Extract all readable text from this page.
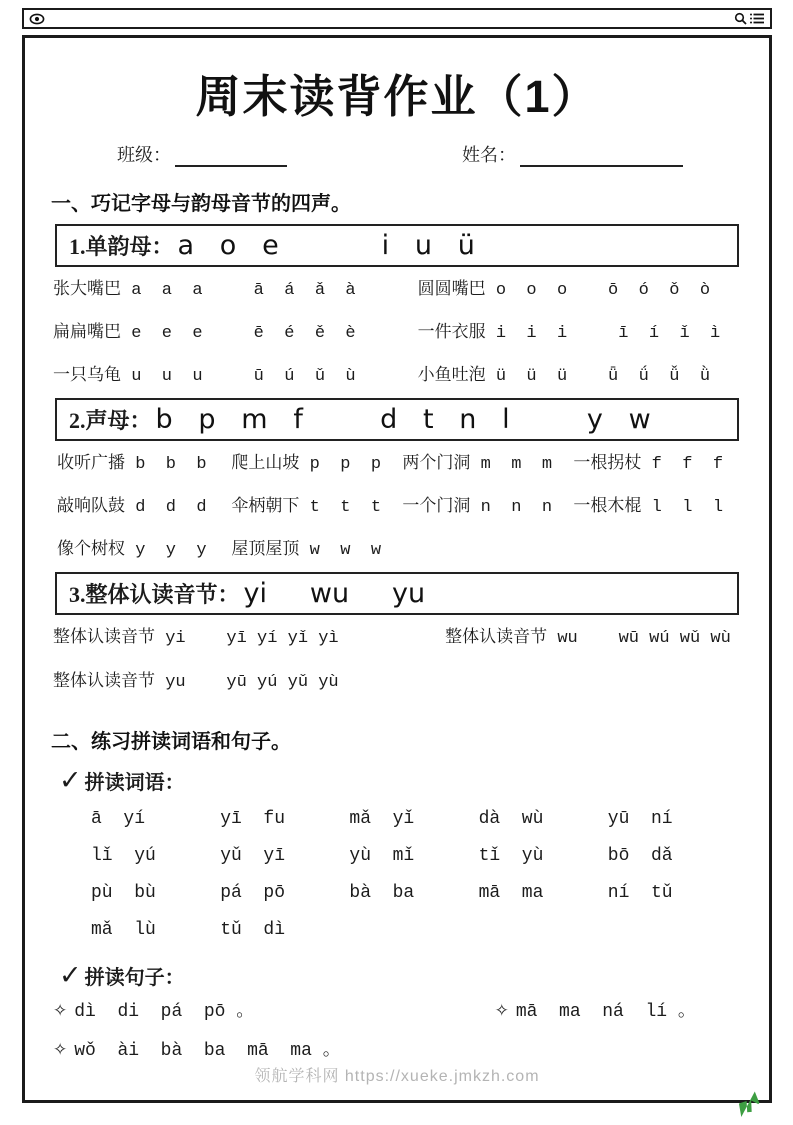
周末读背作业（1）
班级：	姓名：
一、巧记字母与韵母音节的四声。
1.单韵母： a   o   e            i   u   ü
张大嘴巴 a  a  a     ā  á  ǎ  à	圆圆嘴巴 o  o  o    ō  ó  ǒ  ò
扁扁嘴巴 e  e  e     ē  é  ě  è	一件衣服 i  i  i     ī  í  ǐ  ì
一只乌龟 u  u  u     ū  ú  ǔ  ù	小鱼吐泡 ü  ü  ü    ǖ  ǘ  ǚ  ǜ
2.声母： b   p   m   f         d   t   n   l         y   w
收听广播 b  b  b	爬上山坡 p  p  p	两个门洞 m  m  m	一根拐杖 f  f  f
敲响队鼓 d  d  d	伞柄朝下 t  t  t	一个门洞 n  n  n	一根木棍 l  l  l
像个树杈 y  y  y	屋顶屋顶 w  w  w
3.整体认读音节： yi     wu     yu
整体认读音节 yi    yī yí yǐ yì	整体认读音节 wu    wū wú wǔ wù
整体认读音节 yu    yū yú yǔ yù
二、练习拼读词语和句子。
✓ 拼读词语：
ā  yí	yī  fu	mǎ  yǐ	dà  wù	yū  ní
lǐ  yú	yǔ  yī	yù  mǐ	tǐ  yù	bō  dǎ
pù  bù	pá  pō	bà  ba	mā  ma	ní  tǔ
mǎ  lù	tǔ  dì
✓ 拼读句子：
✧ dì  di  pá  pō 。	✧ mā  ma  ná  lí 。
✧ wǒ  ài  bà  ba  mā  ma 。
领航学科网 https://xueke.jmkzh.com
